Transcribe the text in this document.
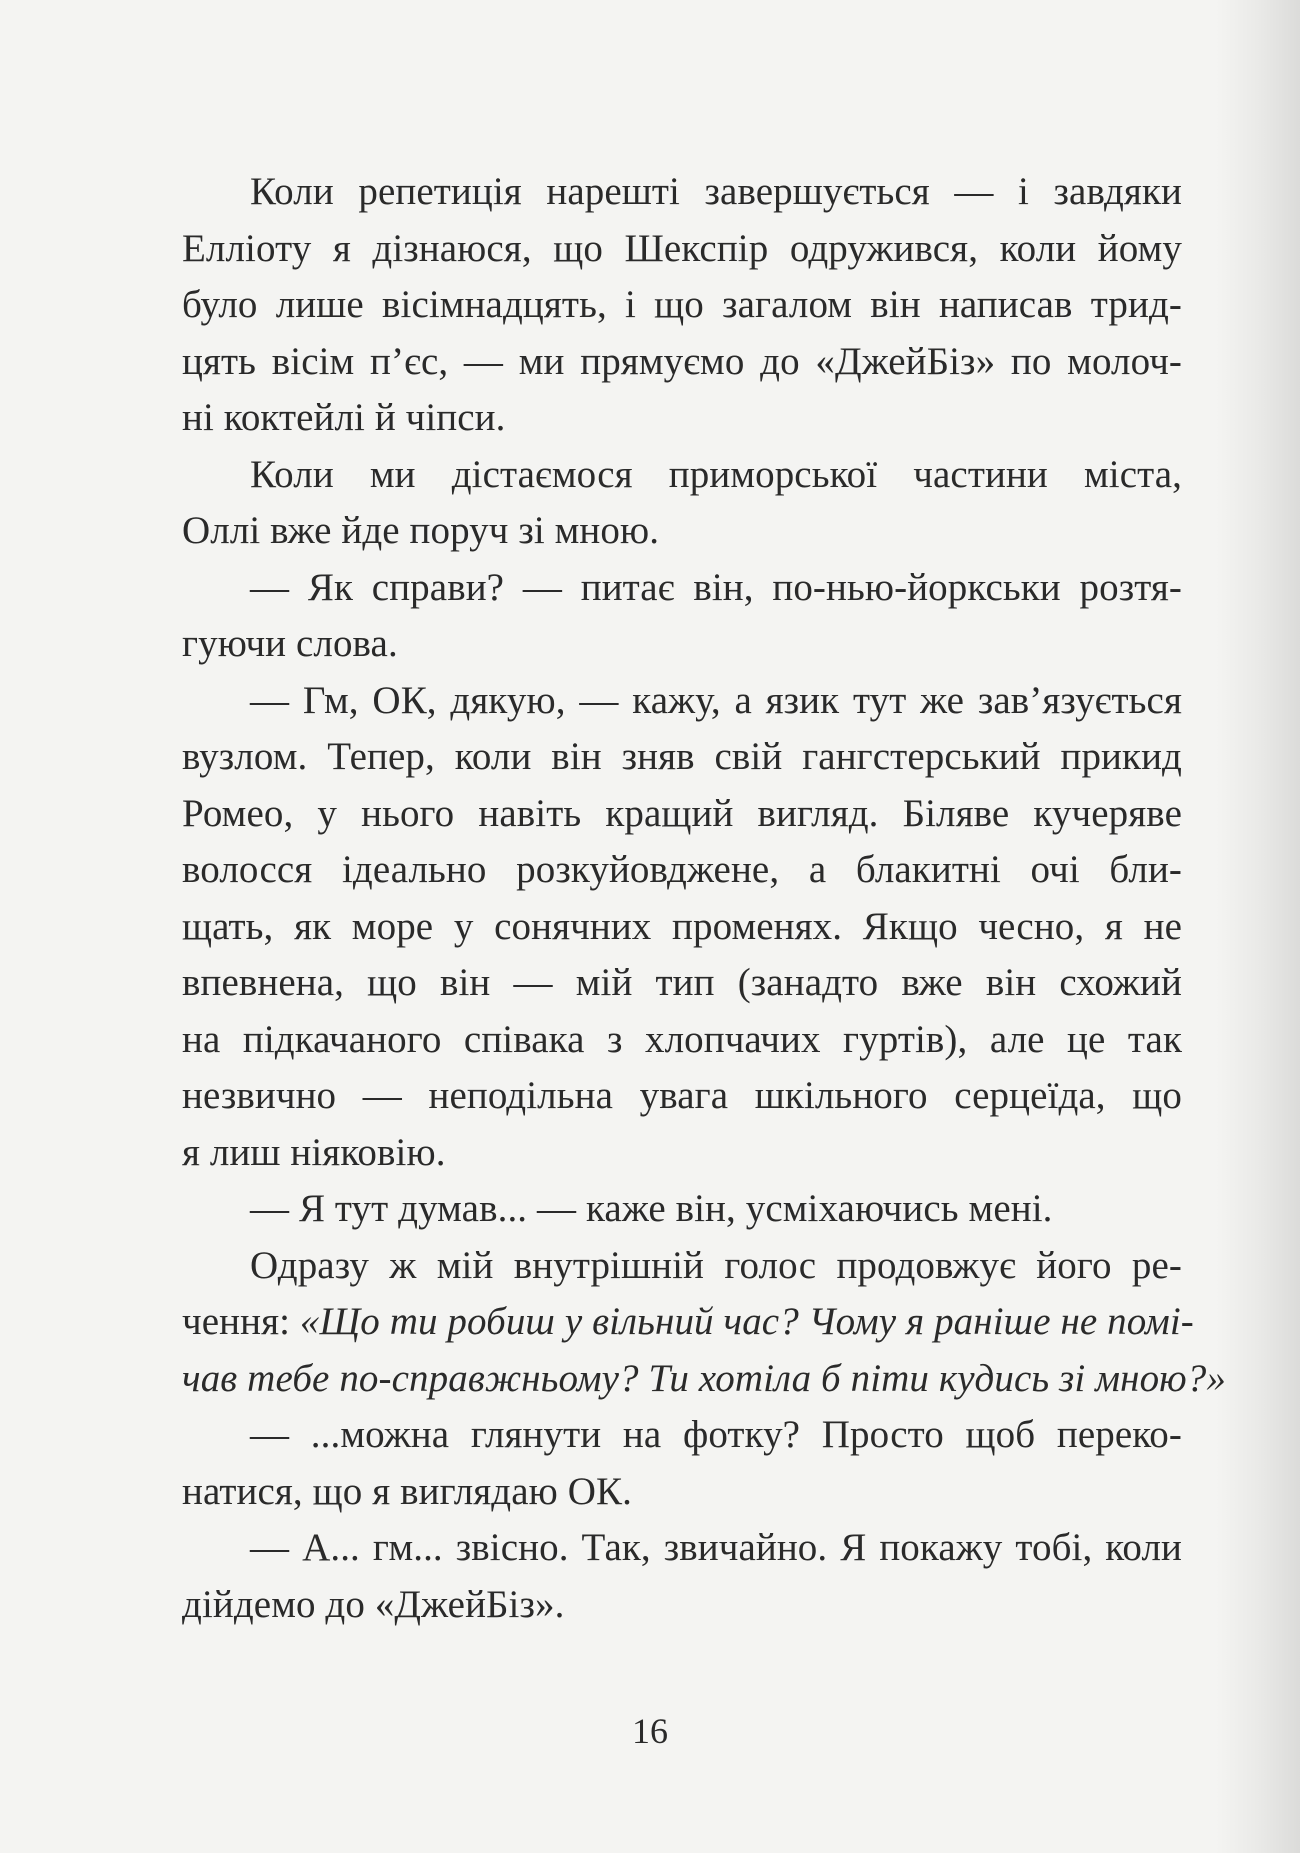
Коли репетиція нарешті завершується — і завдяки
Елліоту я дізнаюся, що Шекспір одружився, коли йому
було лише вісімнадцять, і що загалом він написав трид-
цять вісім п’єс, — ми прямуємо до «ДжейБіз» по молоч-
ні коктейлі й чіпси.
Коли ми дістаємося приморської частини міста,
Оллі вже йде поруч зі мною.
— Як справи? — питає він, по-нью-йоркськи розтя-
гуючи слова.
— Гм, ОК, дякую, — кажу, а язик тут же зав’язується
вузлом. Тепер, коли він зняв свій гангстерський прикид
Ромео, у нього навіть кращий вигляд. Біляве кучеряве
волосся ідеально розкуйовджене, а блакитні очі бли-
щать, як море у сонячних променях. Якщо чесно, я не
впевнена, що він — мій тип (занадто вже він схожий
на підкачаного співака з хлопчачих гуртів), але це так
незвично — неподільна увага шкільного серцеїда, що
я лиш ніяковію.
— Я тут думав... — каже він, усміхаючись мені.
Одразу ж мій внутрішній голос продовжує його ре-
чення: «Що ти робиш у вільний час? Чому я раніше не помі-
чав тебе по-справжньому? Ти хотіла б піти кудись зі мною?»
— ...можна глянути на фотку? Просто щоб переко-
натися, що я виглядаю ОК.
— А... гм... звісно. Так, звичайно. Я покажу тобі, коли
дійдемо до «ДжейБіз».
16
